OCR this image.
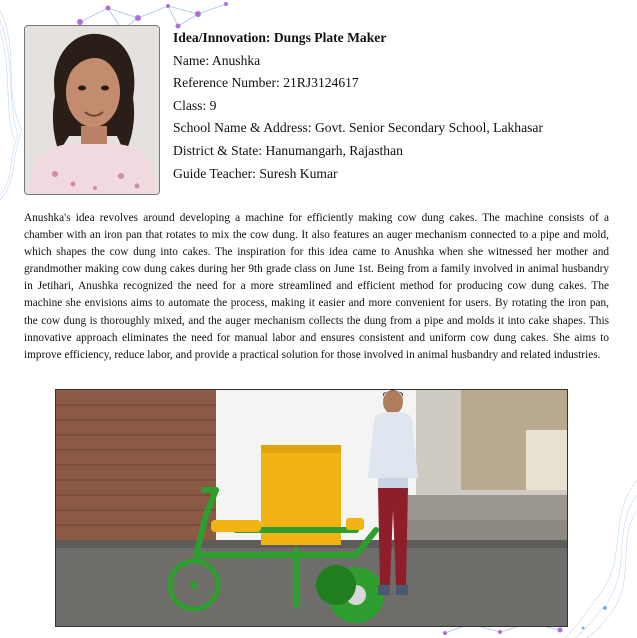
Idea/Innovation: Dungs Plate Maker
Name: Anushka
Reference Number: 21RJ3124617
Class: 9
School Name & Address: Govt. Senior Secondary School, Lakhasar
District & State: Hanumangarh, Rajasthan
Guide Teacher: Suresh Kumar

Anushka's idea revolves around developing a machine for efficiently making cow dung cakes. The machine consists of a chamber with an iron pan that rotates to mix the cow dung. It also features an auger mechanism connected to a pipe and mold, which shapes the cow dung into cakes. The inspiration for this idea came to Anushka when she witnessed her mother and grandmother making cow dung cakes during her 9th grade class on June 1st. Being from a family involved in animal husbandry in Jetihari, Anushka recognized the need for a more streamlined and efficient method for producing cow dung cakes. The machine she envisions aims to automate the process, making it easier and more convenient for users. By rotating the iron pan, the cow dung is thoroughly mixed, and the auger mechanism collects the dung from a pipe and molds it into cake shapes. This innovative approach eliminates the need for manual labor and ensures consistent and uniform cow dung cakes. She aims to improve efficiency, reduce labor, and provide a practical solution for those involved in animal husbandry and related industries.
